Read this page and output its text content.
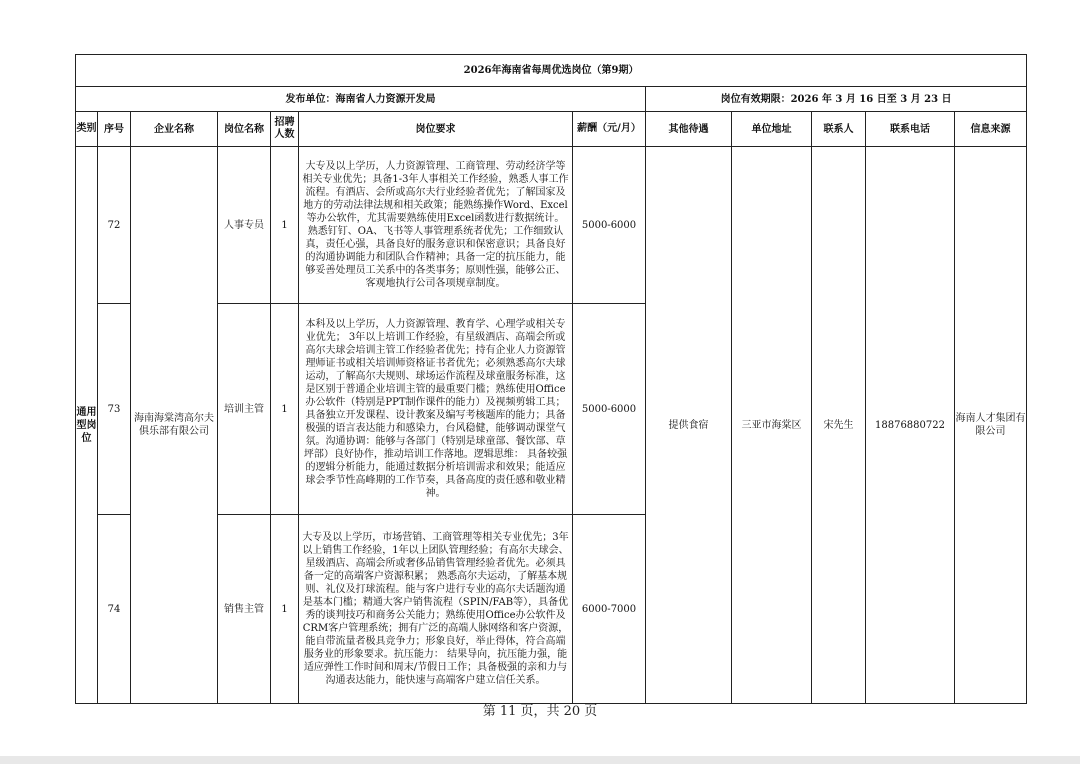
2026年海南省每周优选岗位（第9期）											
发布单位：海南省人力资源开发局							岗位有效期限：2026 年 3 月 16 日至 3 月 23 日				
类别	序号	企业名称	岗位名称	招聘人数	岗位要求	薪酬（元/月）	其他待遇	单位地址	联系人	联系电话	信息来源
通用型岗位	72	海南海棠湾高尔夫俱乐部有限公司	人事专员	1	大专及以上学历，人力资源管理、工商管理、劳动经济学等相关专业优先；具备1-3年人事相关工作经验，熟悉人事工作流程。有酒店、会所或高尔夫行业经验者优先；了解国家及地方的劳动法律法规和相关政策；能熟练操作Word、Excel等办公软件，尤其需要熟练使用Excel函数进行数据统计。熟悉钉钉、OA、飞书等人事管理系统者优先；工作细致认真，责任心强，具备良好的服务意识和保密意识；具备良好的沟通协调能力和团队合作精神；具备一定的抗压能力，能够妥善处理员工关系中的各类事务；原则性强，能够公正、客观地执行公司各项规章制度。	5000-6000	提供食宿	三亚市海棠区	宋先生	18876880722	海南人才集团有限公司
	73		培训主管	1	本科及以上学历，人力资源管理、教育学、心理学或相关专业优先； 3年以上培训工作经验，有星级酒店、高端会所或高尔夫球会培训主管工作经验者优先；持有企业人力资源管理师证书或相关培训师资格证书者优先；必须熟悉高尔夫球运动，了解高尔夫规则、球场运作流程及球童服务标准，这是区别于普通企业培训主管的最重要门槛；熟练使用Office办公软件（特别是PPT制作课件的能力）及视频剪辑工具；具备独立开发课程、设计教案及编写考核题库的能力；具备极强的语言表达能力和感染力，台风稳健，能够调动课堂气氛。沟通协调：能够与各部门（特别是球童部、餐饮部、草坪部）良好协作，推动培训工作落地。逻辑思维： 具备较强的逻辑分析能力，能通过数据分析培训需求和效果；能适应球会季节性高峰期的工作节奏，具备高度的责任感和敬业精神。	5000-6000					
	74		销售主管	1	大专及以上学历，市场营销、工商管理等相关专业优先；3年以上销售工作经验，1年以上团队管理经验；有高尔夫球会、星级酒店、高端会所或奢侈品销售管理经验者优先。必须具备一定的高端客户资源积累； 熟悉高尔夫运动，了解基本规则、礼仪及打球流程。能与客户进行专业的高尔夫话题沟通是基本门槛；精通大客户销售流程（SPIN/FAB等），具备优秀的谈判技巧和商务公关能力；熟练使用Office办公软件及CRM客户管理系统；拥有广泛的高端人脉网络和客户资源，能自带流量者极具竞争力；形象良好，举止得体，符合高端服务业的形象要求。抗压能力： 结果导向，抗压能力强，能适应弹性工作时间和周末/节假日工作；具备极强的亲和力与沟通表达能力，能快速与高端客户建立信任关系。	6000-7000					
第 11 页，共 20 页
